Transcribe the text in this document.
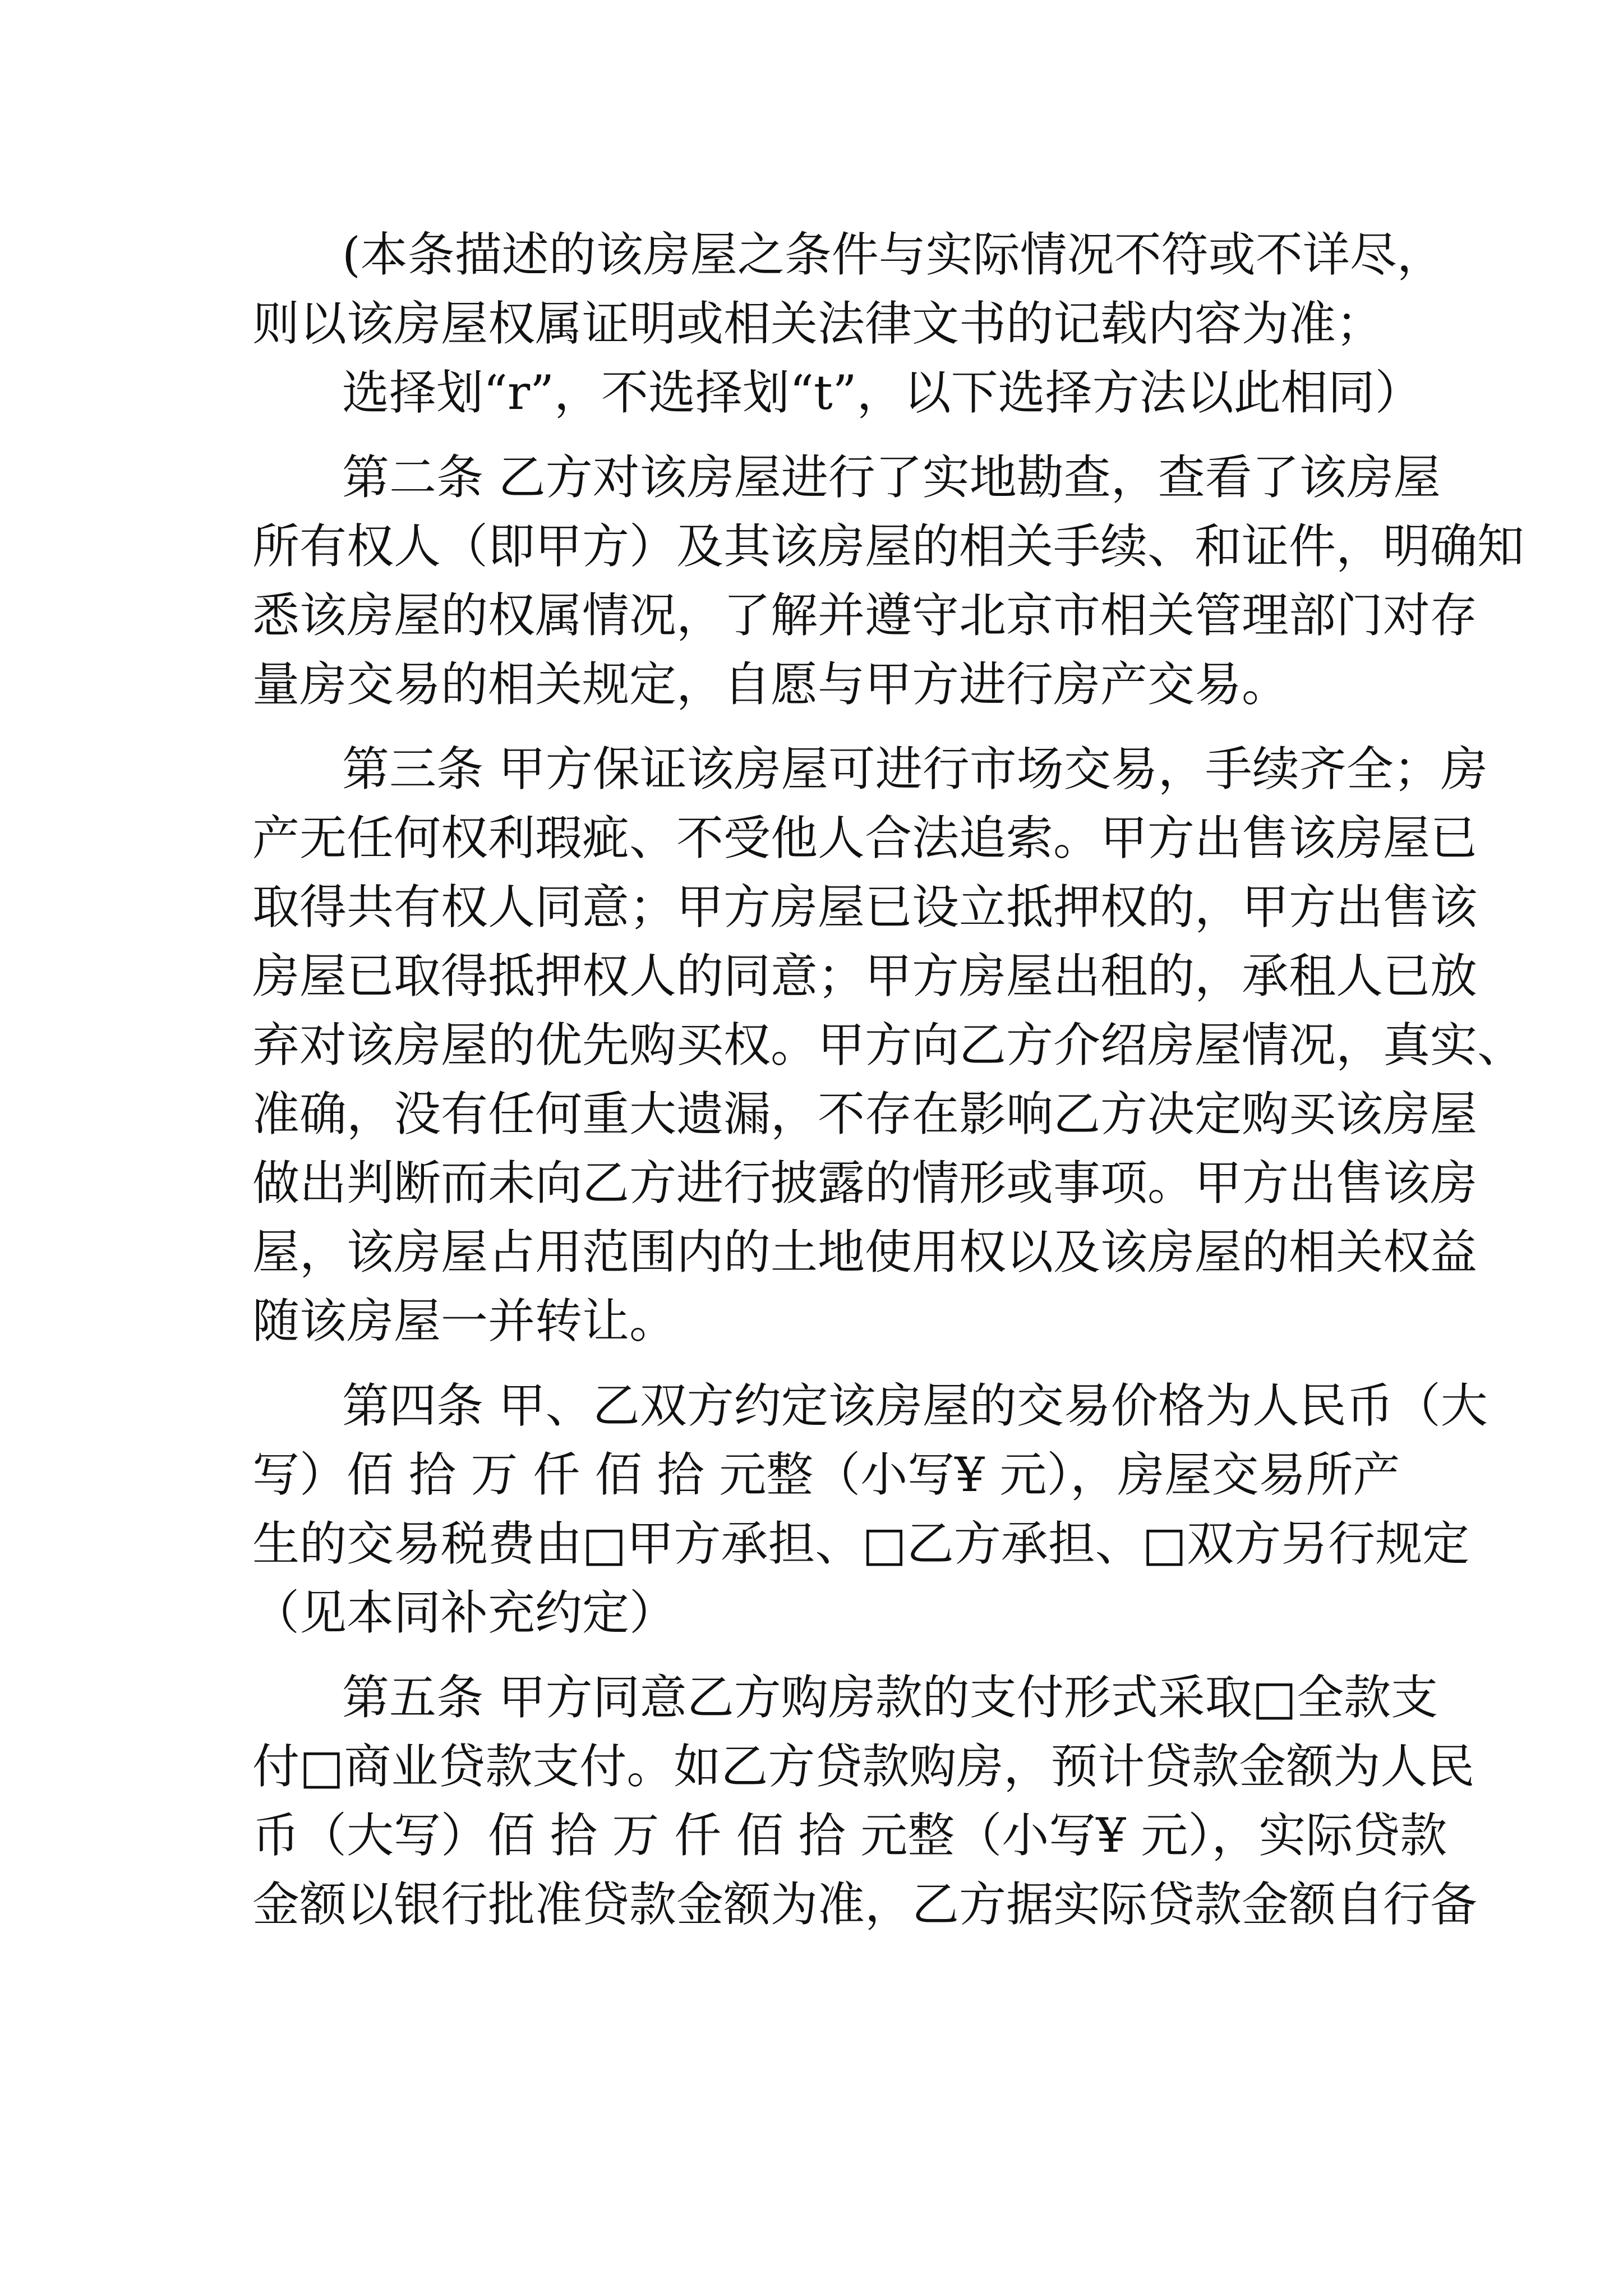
(本条描述的该房屋之条件与实际情况不符或不详尽，

则以该房屋权属证明或相关法律文书的记载内容为准；

选择划“r”，不选择划“t”，以下选择方法以此相同）

第二条 乙方对该房屋进行了实地勘查，查看了该房屋

所有权人（即甲方）及其该房屋的相关手续、和证件，明确知

悉该房屋的权属情况，了解并遵守北京市相关管理部门对存

量房交易的相关规定，自愿与甲方进行房产交易。

第三条 甲方保证该房屋可进行市场交易，手续齐全；房

产无任何权利瑕疵、不受他人合法追索。甲方出售该房屋已

取得共有权人同意；甲方房屋已设立抵押权的，甲方出售该

房屋已取得抵押权人的同意；甲方房屋出租的，承租人已放

弃对该房屋的优先购买权。甲方向乙方介绍房屋情况，真实、

准确，没有任何重大遗漏，不存在影响乙方决定购买该房屋

做出判断而未向乙方进行披露的情形或事项。甲方出售该房

屋，该房屋占用范围内的土地使用权以及该房屋的相关权益

随该房屋一并转让。

第四条 甲、乙双方约定该房屋的交易价格为人民币（大

写）佰 拾 万 仟 佰 拾 元整（小写¥ 元），房屋交易所产

生的交易税费由□甲方承担、□乙方承担、□双方另行规定

（见本同补充约定）

第五条 甲方同意乙方购房款的支付形式采取□全款支

付□商业贷款支付。如乙方贷款购房，预计贷款金额为人民

币（大写）佰 拾 万 仟 佰 拾 元整（小写¥ 元），实际贷款

金额以银行批准贷款金额为准，乙方据实际贷款金额自行备
